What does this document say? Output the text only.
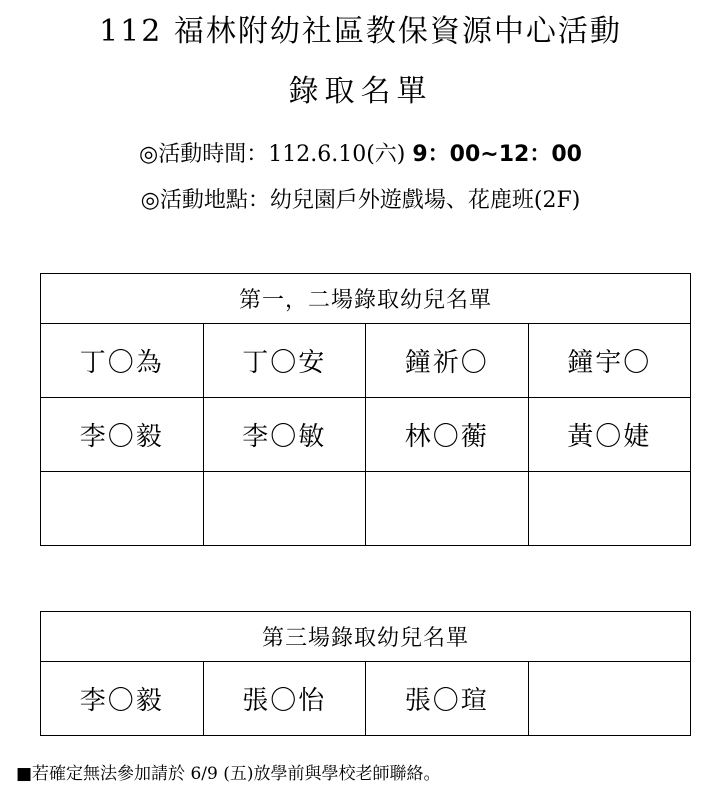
112 福林附幼社區教保資源中心活動
錄取名單
◎活動時間：112.6.10(六) 9：00~12：00
◎活動地點：幼兒園戶外遊戲場、花鹿班(2F)
第一，二場錄取幼兒名單			
丁〇為	丁〇安	鐘祈〇	鐘宇〇
李〇毅	李〇敏	林〇蘅	黃〇婕

第三場錄取幼兒名單
李〇毅	張〇怡	張〇瑄	
■若確定無法參加請於 6/9 (五)放學前與學校老師聯絡。
